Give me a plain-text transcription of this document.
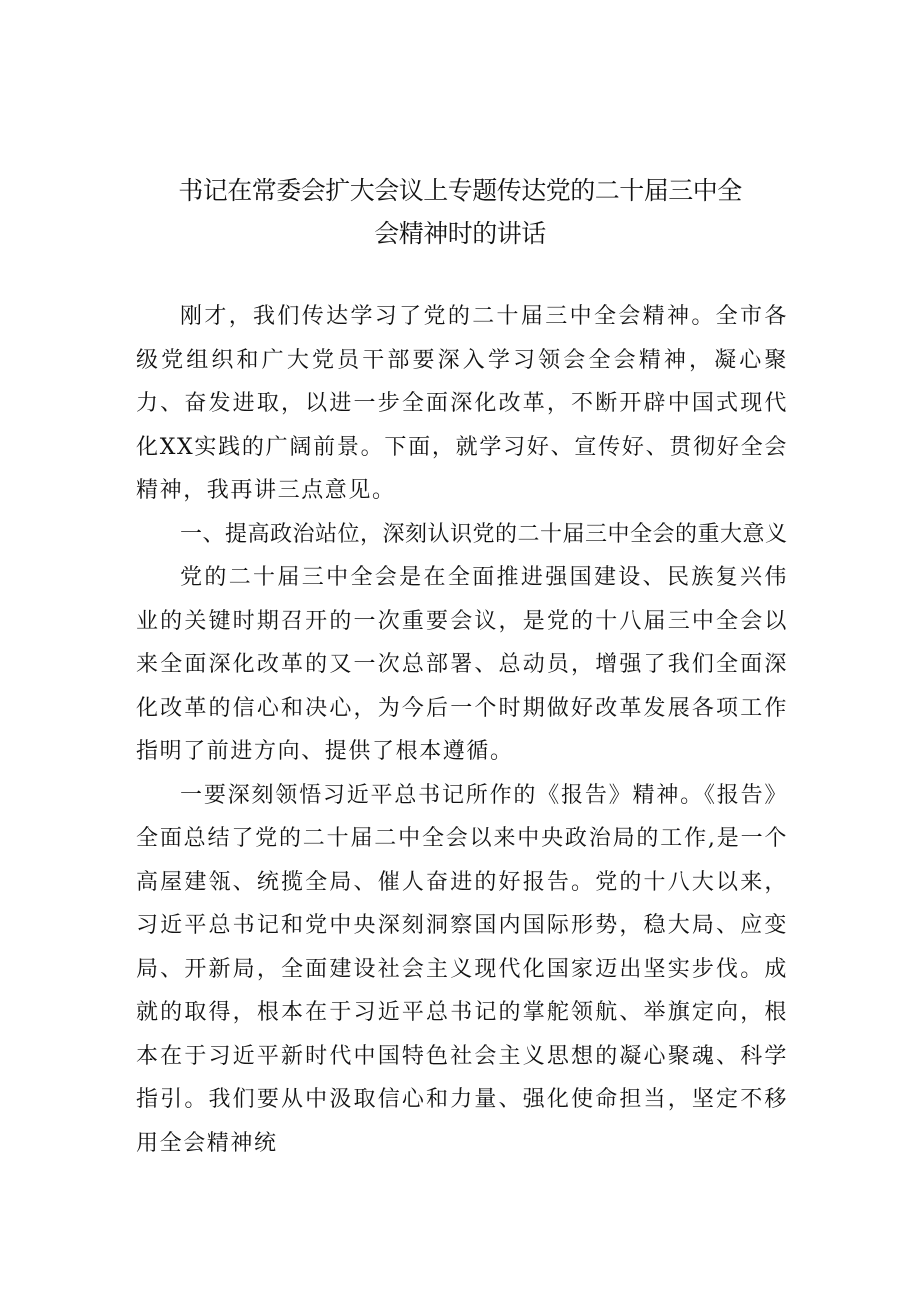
书记在常委会扩大会议上专题传达党的二十届三中全
会精神时的讲话

刚才，我们传达学习了党的二十届三中全会精神。全市各级党组织和广大党员干部要深入学习领会全会精神，凝心聚力、奋发进取，以进一步全面深化改革，不断开辟中国式现代化XX实践的广阔前景。下面，就学习好、宣传好、贯彻好全会精神，我再讲三点意见。

一、提高政治站位，深刻认识党的二十届三中全会的重大意义

党的二十届三中全会是在全面推进强国建设、民族复兴伟业的关键时期召开的一次重要会议，是党的十八届三中全会以来全面深化改革的又一次总部署、总动员，增强了我们全面深化改革的信心和决心，为今后一个时期做好改革发展各项工作指明了前进方向、提供了根本遵循。

一要深刻领悟习近平总书记所作的《报告》精神。《报告》全面总结了党的二十届二中全会以来中央政治局的工作,是一个高屋建瓴、统揽全局、催人奋进的好报告。党的十八大以来，习近平总书记和党中央深刻洞察国内国际形势，稳大局、应变局、开新局，全面建设社会主义现代化国家迈出坚实步伐。成就的取得，根本在于习近平总书记的掌舵领航、举旗定向，根本在于习近平新时代中国特色社会主义思想的凝心聚魂、科学指引。我们要从中汲取信心和力量、强化使命担当，坚定不移用全会精神统
